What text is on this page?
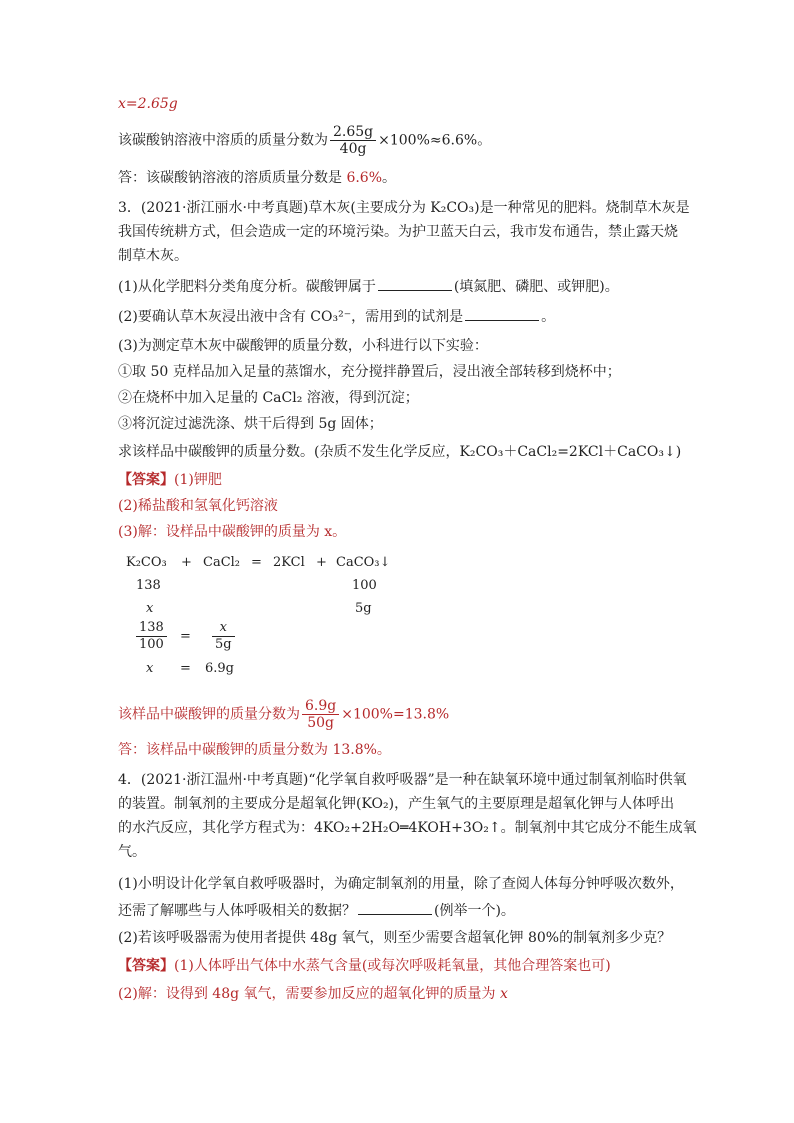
x=2.65g
该碳酸钠溶液中溶质的质量分数为 $\frac{2.65g}{40g} \times 100\%\approx 6.6\%$。
答：该碳酸钠溶液的溶质质量分数是 6.6%。
3．(2021·浙江丽水·中考真题)草木灰(主要成分为 K₂CO₃)是一种常见的肥料。烧制草木灰是
我国传统耕方式，但会造成一定的环境污染。为护卫蓝天白云，我市发布通告，禁止露天烧
制草木灰。
(1)从化学肥料分类角度分析。碳酸钾属于	(填氮肥、磷肥、或钾肥)。
(2)要确认草木灰浸出液中含有 CO₃²⁻，需用到的试剂是	。
(3)为测定草木灰中碳酸钾的质量分数，小科进行以下实验：
①取 50 克样品加入足量的蒸馏水，充分搅拌静置后，浸出液全部转移到烧杯中；
②在烧杯中加入足量的 CaCl₂ 溶液，得到沉淀；
③将沉淀过滤洗涤、烘干后得到 5g 固体；
求该样品中碳酸钾的质量分数。(杂质不发生化学反应，K₂CO₃＋CaCl₂=2KCl＋CaCO₃↓)
【答案】(1)钾肥
(2)稀盐酸和氢氧化钙溶液
(3)解：设样品中碳酸钾的质量为 x。
K₂CO₃ + CaCl₂ = 2KCl + CaCO₃↓
138	100
x	5g
$\frac{138}{100} = \frac{x}{5g}$
x = 6.9g
该样品中碳酸钾的质量分数为 $\frac{6.9g}{50g} \times 100\%=13.8\%$
答：该样品中碳酸钾的质量分数为 13.8%。
4．(2021·浙江温州·中考真题)“化学氧自救呼吸器”是一种在缺氧环境中通过制氧剂临时供氧
的装置。制氧剂的主要成分是超氧化钾(KO₂)，产生氧气的主要原理是超氧化钾与人体呼出
的水汽反应，其化学方程式为：4KO₂+2H₂O═4KOH+3O₂↑。制氧剂中其它成分不能生成氧
气。
(1)小明设计化学氧自救呼吸器时，为确定制氧剂的用量，除了查阅人体每分钟呼吸次数外，
还需了解哪些与人体呼吸相关的数据？	(例举一个)。
(2)若该呼吸器需为使用者提供 48g 氧气，则至少需要含超氧化钾 80%的制氧剂多少克？
【答案】(1)人体呼出气体中水蒸气含量(或每次呼吸耗氧量，其他合理答案也可)
(2)解：设得到 48g 氧气，需要参加反应的超氧化钾的质量为 x
